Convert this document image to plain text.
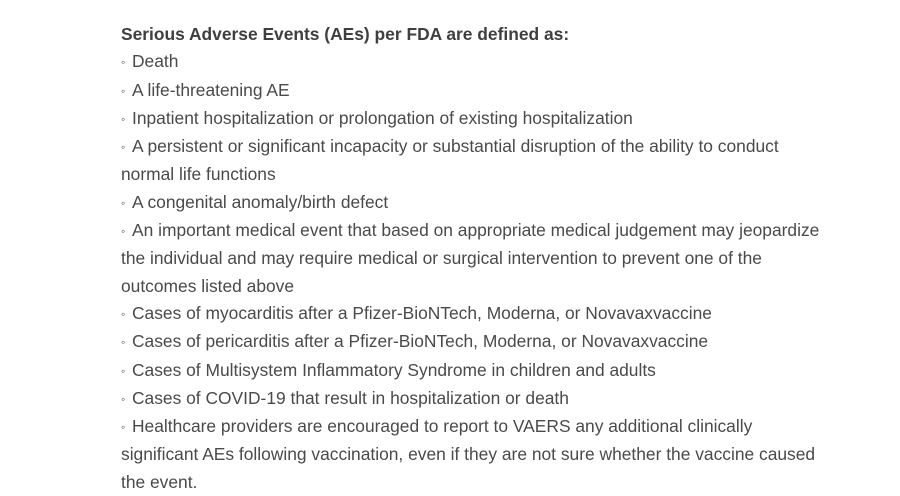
Serious Adverse Events (AEs) per FDA are defined as:

◦ Death
◦ A life-threatening AE
◦ Inpatient hospitalization or prolongation of existing hospitalization
◦ A persistent or significant incapacity or substantial disruption of the ability to conduct normal life functions
◦ A congenital anomaly/birth defect
◦ An important medical event that based on appropriate medical judgement may jeopardize the individual and may require medical or surgical intervention to prevent one of the outcomes listed above
◦ Cases of myocarditis after a Pfizer-BioNTech, Moderna, or Novavaxvaccine
◦ Cases of pericarditis after a Pfizer-BioNTech, Moderna, or Novavaxvaccine
◦ Cases of Multisystem Inflammatory Syndrome in children and adults
◦ Cases of COVID-19 that result in hospitalization or death
◦ Healthcare providers are encouraged to report to VAERS any additional clinically significant AEs following vaccination, even if they are not sure whether the vaccine caused the event.
